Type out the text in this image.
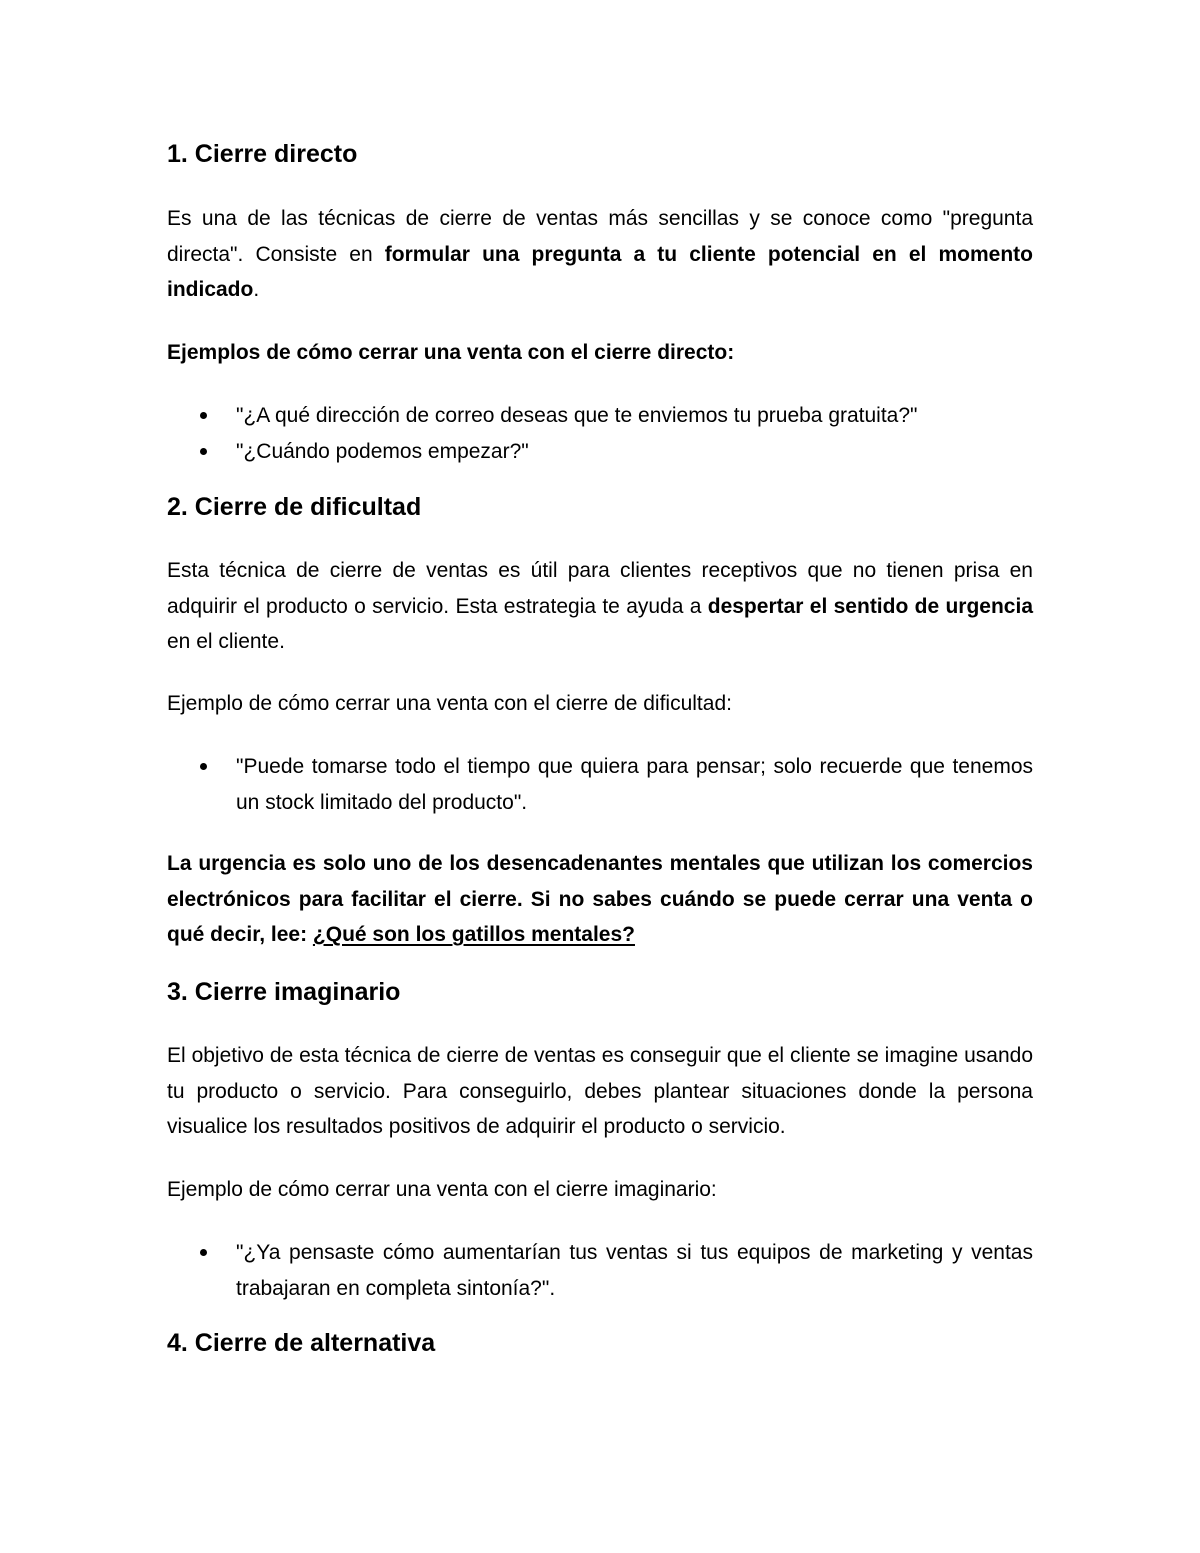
1. Cierre directo

Es una de las técnicas de cierre de ventas más sencillas y se conoce como "pregunta directa". Consiste en formular una pregunta a tu cliente potencial en el momento indicado.

Ejemplos de cómo cerrar una venta con el cierre directo:

"¿A qué dirección de correo deseas que te enviemos tu prueba gratuita?"
"¿Cuándo podemos empezar?"
2. Cierre de dificultad

Esta técnica de cierre de ventas es útil para clientes receptivos que no tienen prisa en adquirir el producto o servicio. Esta estrategia te ayuda a despertar el sentido de urgencia en el cliente.

Ejemplo de cómo cerrar una venta con el cierre de dificultad:

"Puede tomarse todo el tiempo que quiera para pensar; solo recuerde que tenemos un stock limitado del producto".

La urgencia es solo uno de los desencadenantes mentales que utilizan los comercios electrónicos para facilitar el cierre. Si no sabes cuándo se puede cerrar una venta o qué decir, lee: ¿Qué son los gatillos mentales?

3. Cierre imaginario

El objetivo de esta técnica de cierre de ventas es conseguir que el cliente se imagine usando tu producto o servicio. Para conseguirlo, debes plantear situaciones donde la persona visualice los resultados positivos de adquirir el producto o servicio.

Ejemplo de cómo cerrar una venta con el cierre imaginario:

"¿Ya pensaste cómo aumentarían tus ventas si tus equipos de marketing y ventas trabajaran en completa sintonía?".
4. Cierre de alternativa
